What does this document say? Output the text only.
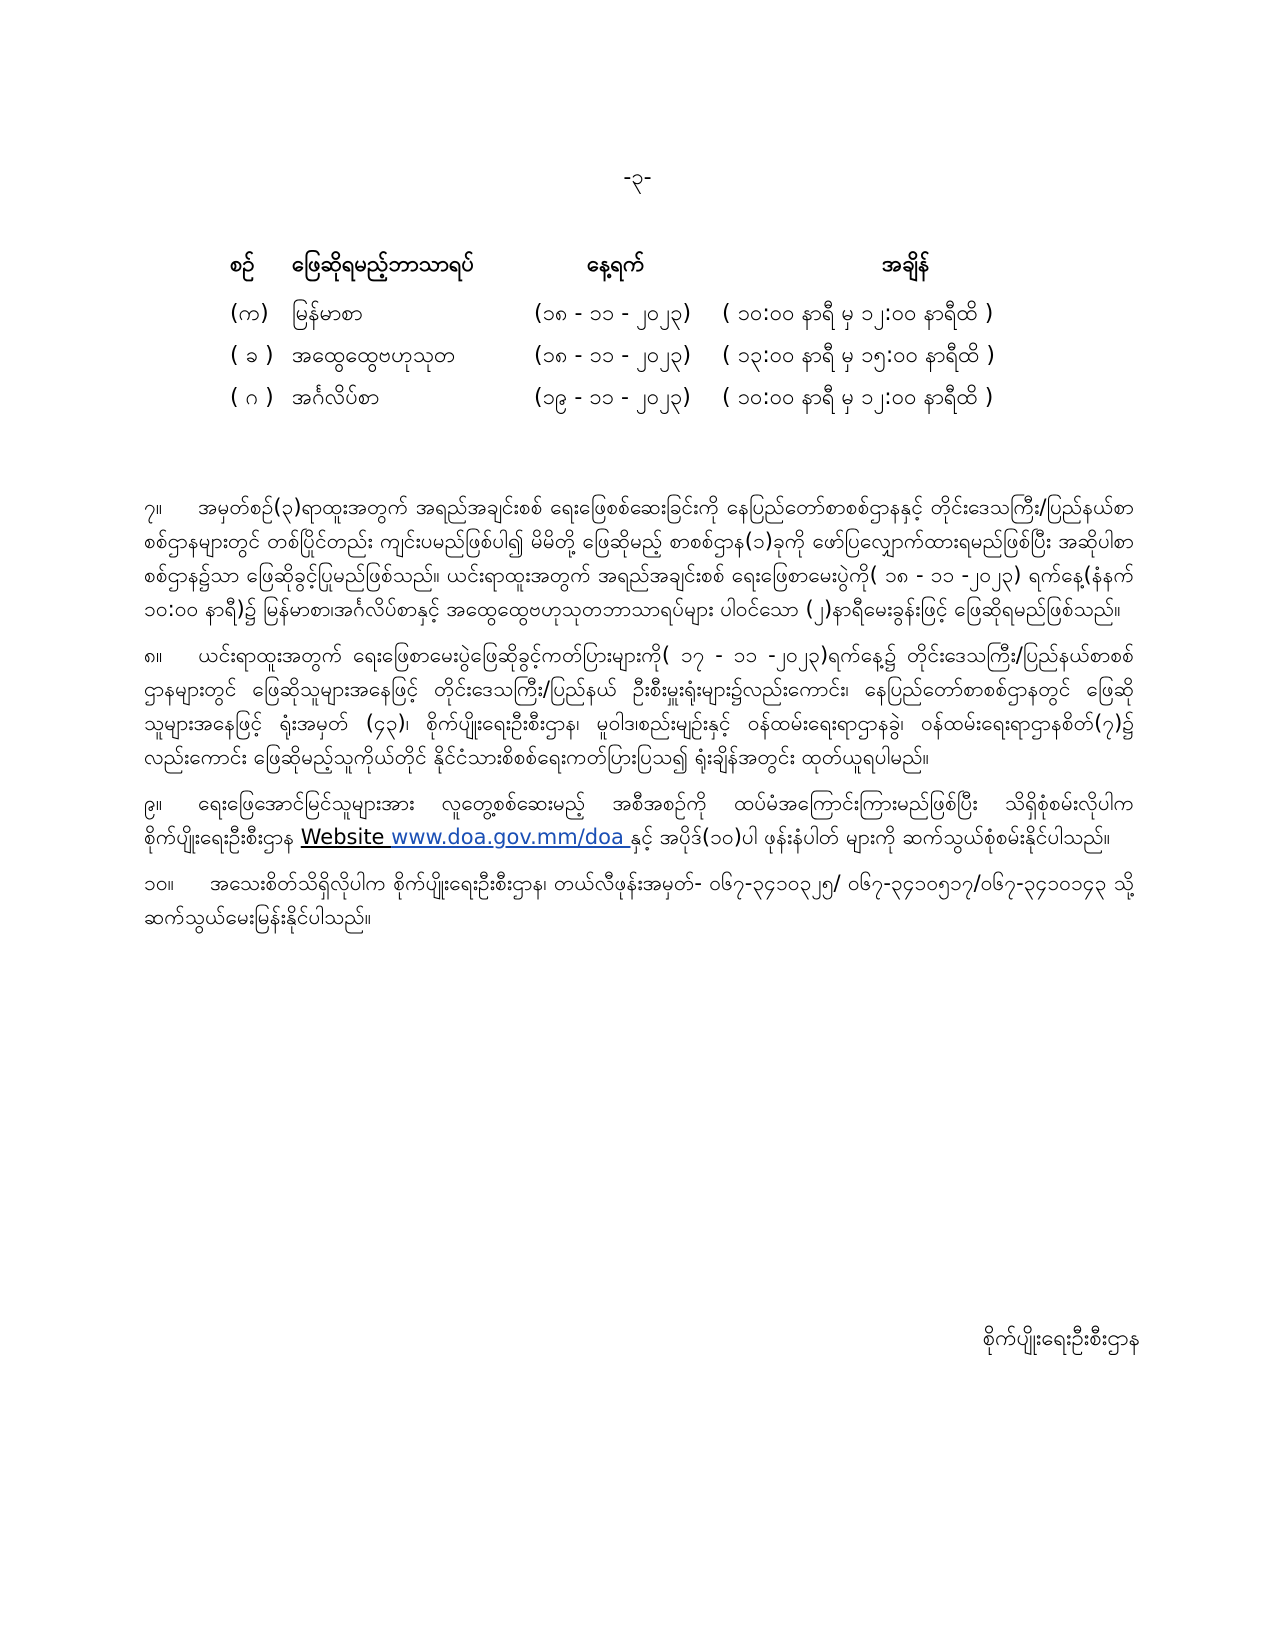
-၃-
စဉ် ဖြေဆိုရမည့်ဘာသာရပ်	နေ့ရက်	အချိန်
(က) မြန်မာစာ	(၁၈ - ၁၁ - ၂၀၂၃) ( ၁၀:၀၀ နာရီ မှ ၁၂:၀၀ နာရီထိ )
( ခ ) အထွေထွေဗဟုသုတ	(၁၈ - ၁၁ - ၂၀၂၃) ( ၁၃:၀၀ နာရီ မှ ၁၅:၀၀ နာရီထိ )
( ဂ ) အင်္ဂလိပ်စာ	(၁၉ - ၁၁ - ၂၀၂၃) ( ၁၀:၀၀ နာရီ မှ ၁၂:၀၀ နာရီထိ )

၇။ အမှတ်စဉ်(၃)ရာထူးအတွက် အရည်အချင်းစစ် ရေးဖြေစစ်ဆေးခြင်းကို နေပြည်တော်စာစစ်ဌာနနှင့် တိုင်းဒေသကြီး/ပြည်နယ်စာစစ်ဌာနများတွင် တစ်ပြိုင်တည်း ကျင်းပမည်ဖြစ်ပါ၍ မိမိတို့ ဖြေဆိုမည့် စာစစ်ဌာန(၁)ခုကို ဖော်ပြလျှောက်ထားရမည်ဖြစ်ပြီး အဆိုပါစာစစ်ဌာန၌သာ ဖြေဆိုခွင့်ပြုမည်ဖြစ်သည်။ ယင်းရာထူးအတွက် အရည်အချင်းစစ် ရေးဖြေစာမေးပွဲကို( ၁၈ - ၁၁ -၂၀၂၃) ရက်နေ့(နံနက် ၁၀:၀၀ နာရီ)၌ မြန်မာစာ၊အင်္ဂလိပ်စာနှင့် အထွေထွေဗဟုသုတဘာသာရပ်များ ပါဝင်သော (၂)နာရီမေးခွန်းဖြင့် ဖြေဆိုရမည်ဖြစ်သည်။

၈။ ယင်းရာထူးအတွက် ရေးဖြေစာမေးပွဲဖြေဆိုခွင့်ကတ်ပြားများကို( ၁၇ - ၁၁ -၂၀၂၃)ရက်နေ့၌ တိုင်းဒေသကြီး/ပြည်နယ်စာစစ်ဌာနများတွင် ဖြေဆိုသူများအနေဖြင့် တိုင်းဒေသကြီး/ပြည်နယ် ဦးစီးမှူးရုံးများ၌လည်းကောင်း၊ နေပြည်တော်စာစစ်ဌာနတွင် ဖြေဆိုသူများအနေဖြင့် ရုံးအမှတ် (၄၃)၊ စိုက်ပျိုးရေးဦးစီးဌာန၊ မူဝါဒ၊စည်းမျဉ်းနှင့် ဝန်ထမ်းရေးရာဌာနခွဲ၊ ဝန်ထမ်းရေးရာဌာနစိတ်(၇)၌ လည်းကောင်း ဖြေဆိုမည့်သူကိုယ်တိုင် နိုင်ငံသားစိစစ်ရေးကတ်ပြားပြသ၍ ရုံးချိန်အတွင်း ထုတ်ယူရပါမည်။

၉။ ရေးဖြေအောင်မြင်သူများအား လူတွေ့စစ်ဆေးမည့် အစီအစဉ်ကို ထပ်မံအကြောင်းကြားမည်ဖြစ်ပြီး သိရှိစုံစမ်းလိုပါက စိုက်ပျိုးရေးဦးစီးဌာန Website www.doa.gov.mm/doa နှင့် အပိုဒ်(၁၀)ပါ ဖုန်းနံပါတ် များကို ဆက်သွယ်စုံစမ်းနိုင်ပါသည်။

၁၀။ အသေးစိတ်သိရှိလိုပါက စိုက်ပျိုးရေးဦးစီးဌာန၊ တယ်လီဖုန်းအမှတ်- ၀၆၇-၃၄၁၀၃၂၅/ ၀၆၇-၃၄၁၀၅၁၇/၀၆၇-၃၄၁၀၁၄၃ သို့ ဆက်သွယ်မေးမြန်းနိုင်ပါသည်။

စိုက်ပျိုးရေးဦးစီးဌာန
